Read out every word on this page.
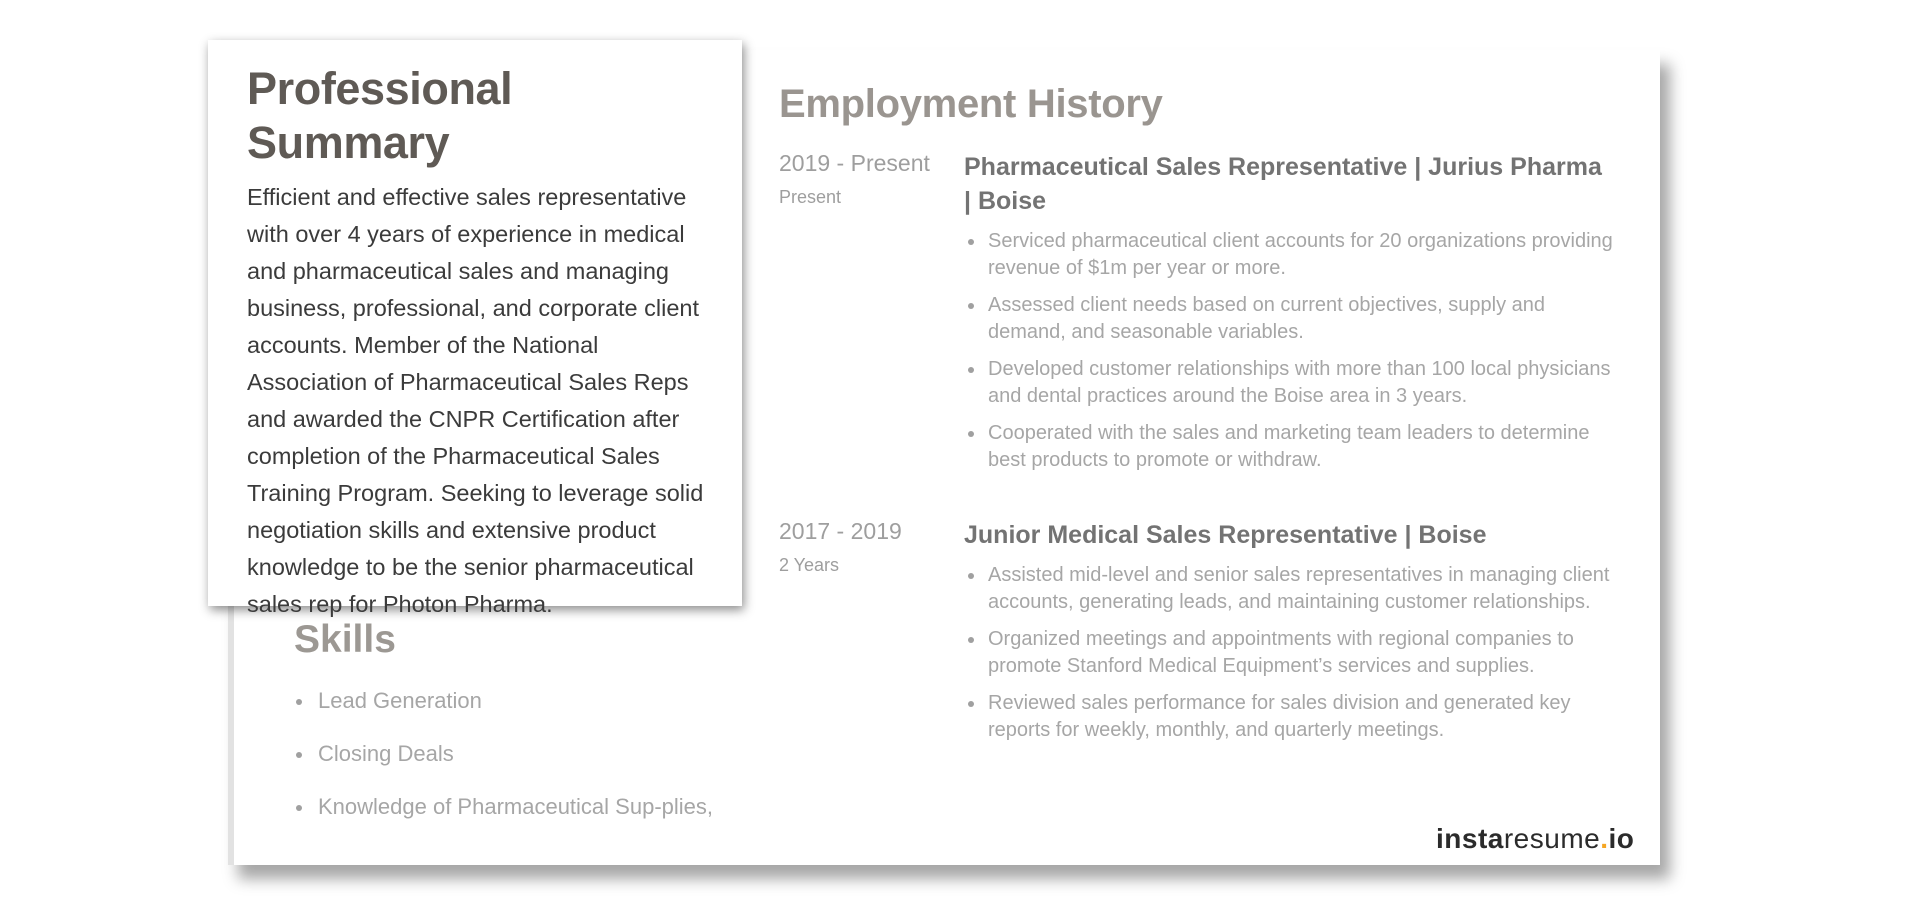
Employment History
2019 - Present
Present
Pharmaceutical Sales Representative | Jurius Pharma | Boise
Serviced pharmaceutical client accounts for 20 organizations providing revenue of $1m per year or more.
Assessed client needs based on current objectives, supply and demand, and seasonable variables.
Developed customer relationships with more than 100 local physicians and dental practices around the Boise area in 3 years.
Cooperated with the sales and marketing team leaders to determine best products to promote or withdraw.
2017 - 2019
2 Years
Junior Medical Sales Representative | Boise
Assisted mid-level and senior sales representatives in managing client accounts, generating leads, and maintaining customer relationships.
Organized meetings and appointments with regional companies to promote Stanford Medical Equipment’s services and supplies.
Reviewed sales performance for sales division and generated key reports for weekly, monthly, and quarterly meetings.
Skills
Lead Generation
Closing Deals
Knowledge of Pharmaceutical Sup-plies,
Professional Summary

Efficient and effective sales representative with over 4 years of experience in medical and pharmaceutical sales and managing business, professional, and corporate client accounts. Member of the National Association of Pharmaceutical Sales Reps and awarded the CNPR Certification after completion of the Pharmaceutical Sales Training Program. Seeking to leverage solid negotiation skills and extensive product knowledge to be the senior pharmaceutical sales rep for Photon Pharma.

instaresume.io
